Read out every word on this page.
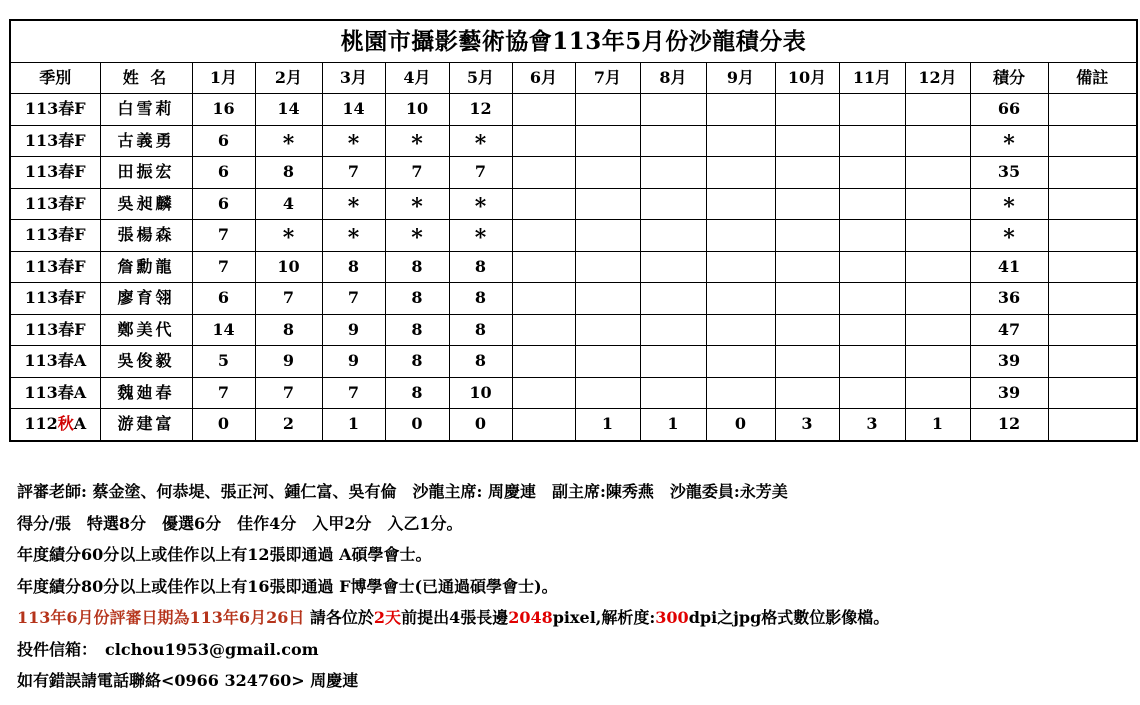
桃園市攝影藝術協會113年5月份沙龍積分表															
季別	姓 名	1月	2月	3月	4月	5月	6月	7月	8月	9月	10月	11月	12月	積分	備註
113春F	白雪莉	16	14	14	10	12								66	
113春F	古義勇	6	*	*	*	*								*	
113春F	田振宏	6	8	7	7	7								35	
113春F	吳昶麟	6	4	*	*	*								*	
113春F	張楊森	7	*	*	*	*								*	
113春F	詹勳龍	7	10	8	8	8								41	
113春F	廖育翎	6	7	7	8	8								36	
113春F	鄭美代	14	8	9	8	8								47	
113春A	吳俊毅	5	9	9	8	8								39	
113春A	魏廸春	7	7	7	8	10								39	
112秋A	游建富	0	2	1	0	0		1	1	0	3	3	1	12	
評審老師: 蔡金塗、何恭堤、張正河、鍾仁富、吳有倫　沙龍主席: 周慶連　副主席:陳秀燕　沙龍委員:永芳美
得分/張　特選8分　優選6分　佳作4分　入甲2分　入乙1分。
年度績分60分以上或佳作以上有12張即通過 A碩學會士。
年度績分80分以上或佳作以上有16張即通過 F博學會士(已通過碩學會士)。
113年6月份評審日期為113年6月26日 請各位於2天前提出4張長邊2048pixel,解析度:300dpi之jpg格式數位影像檔。
投件信箱：　clchou1953@gmail.com
如有錯誤請電話聯絡<0966 324760> 周慶連
